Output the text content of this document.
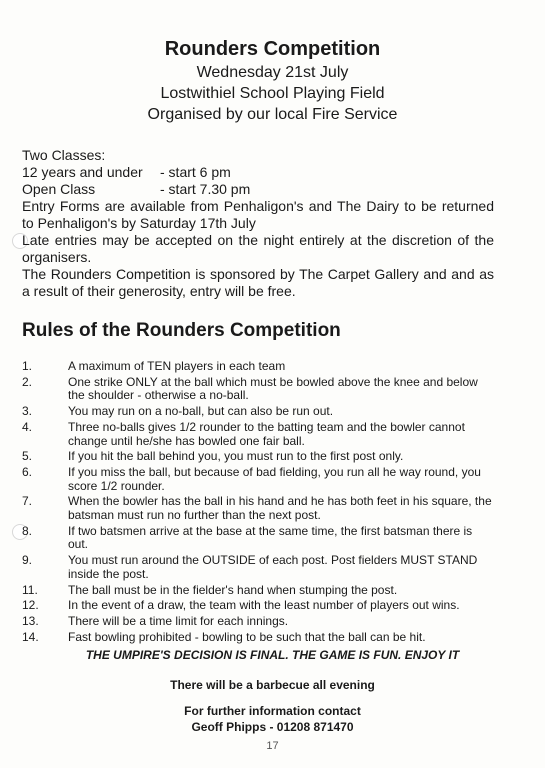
Rounders Competition
Wednesday 21st July
Lostwithiel School Playing Field
Organised by our local Fire Service
Two Classes:
12 years and under - start 6 pm
Open Class	- start 7.30 pm
Entry Forms are available from Penhaligon's and The Dairy to be returned to Penhaligon's by Saturday 17th July
Late entries may be accepted on the night entirely at the discretion of the organisers.
The Rounders Competition is sponsored by The Carpet Gallery and and as a result of their generosity, entry will be free.
Rules of the Rounders Competition
1.	A maximum of TEN players in each team
2.	One strike ONLY at the ball which must be bowled above the knee and below the shoulder - otherwise a no-ball.
3.	You may run on a no-ball, but can also be run out.
4.	Three no-balls gives 1/2 rounder to the batting team and the bowler cannot change until he/she has bowled one fair ball.
5.	If you hit the ball behind you, you must run to the first post only.
6.	If you miss the ball, but because of bad fielding, you run all he way round, you score 1/2 rounder.
7.	When the bowler has the ball in his hand and he has both feet in his square, the batsman must run no further than the next post.
8.	If two batsmen arrive at the base at the same time, the first batsman there is out.
9.	You must run around the OUTSIDE of each post. Post fielders MUST STAND inside the post.
11.	The ball must be in the fielder's hand when stumping the post.
12.	In the event of a draw, the team with the least number of players out wins.
13.	There will be a time limit for each innings.
14.	Fast bowling prohibited - bowling to be such that the ball can be hit.
THE UMPIRE'S DECISION IS FINAL. THE GAME IS FUN. ENJOY IT
There will be a barbecue all evening
For further information contact
Geoff Phipps - 01208 871470
17
